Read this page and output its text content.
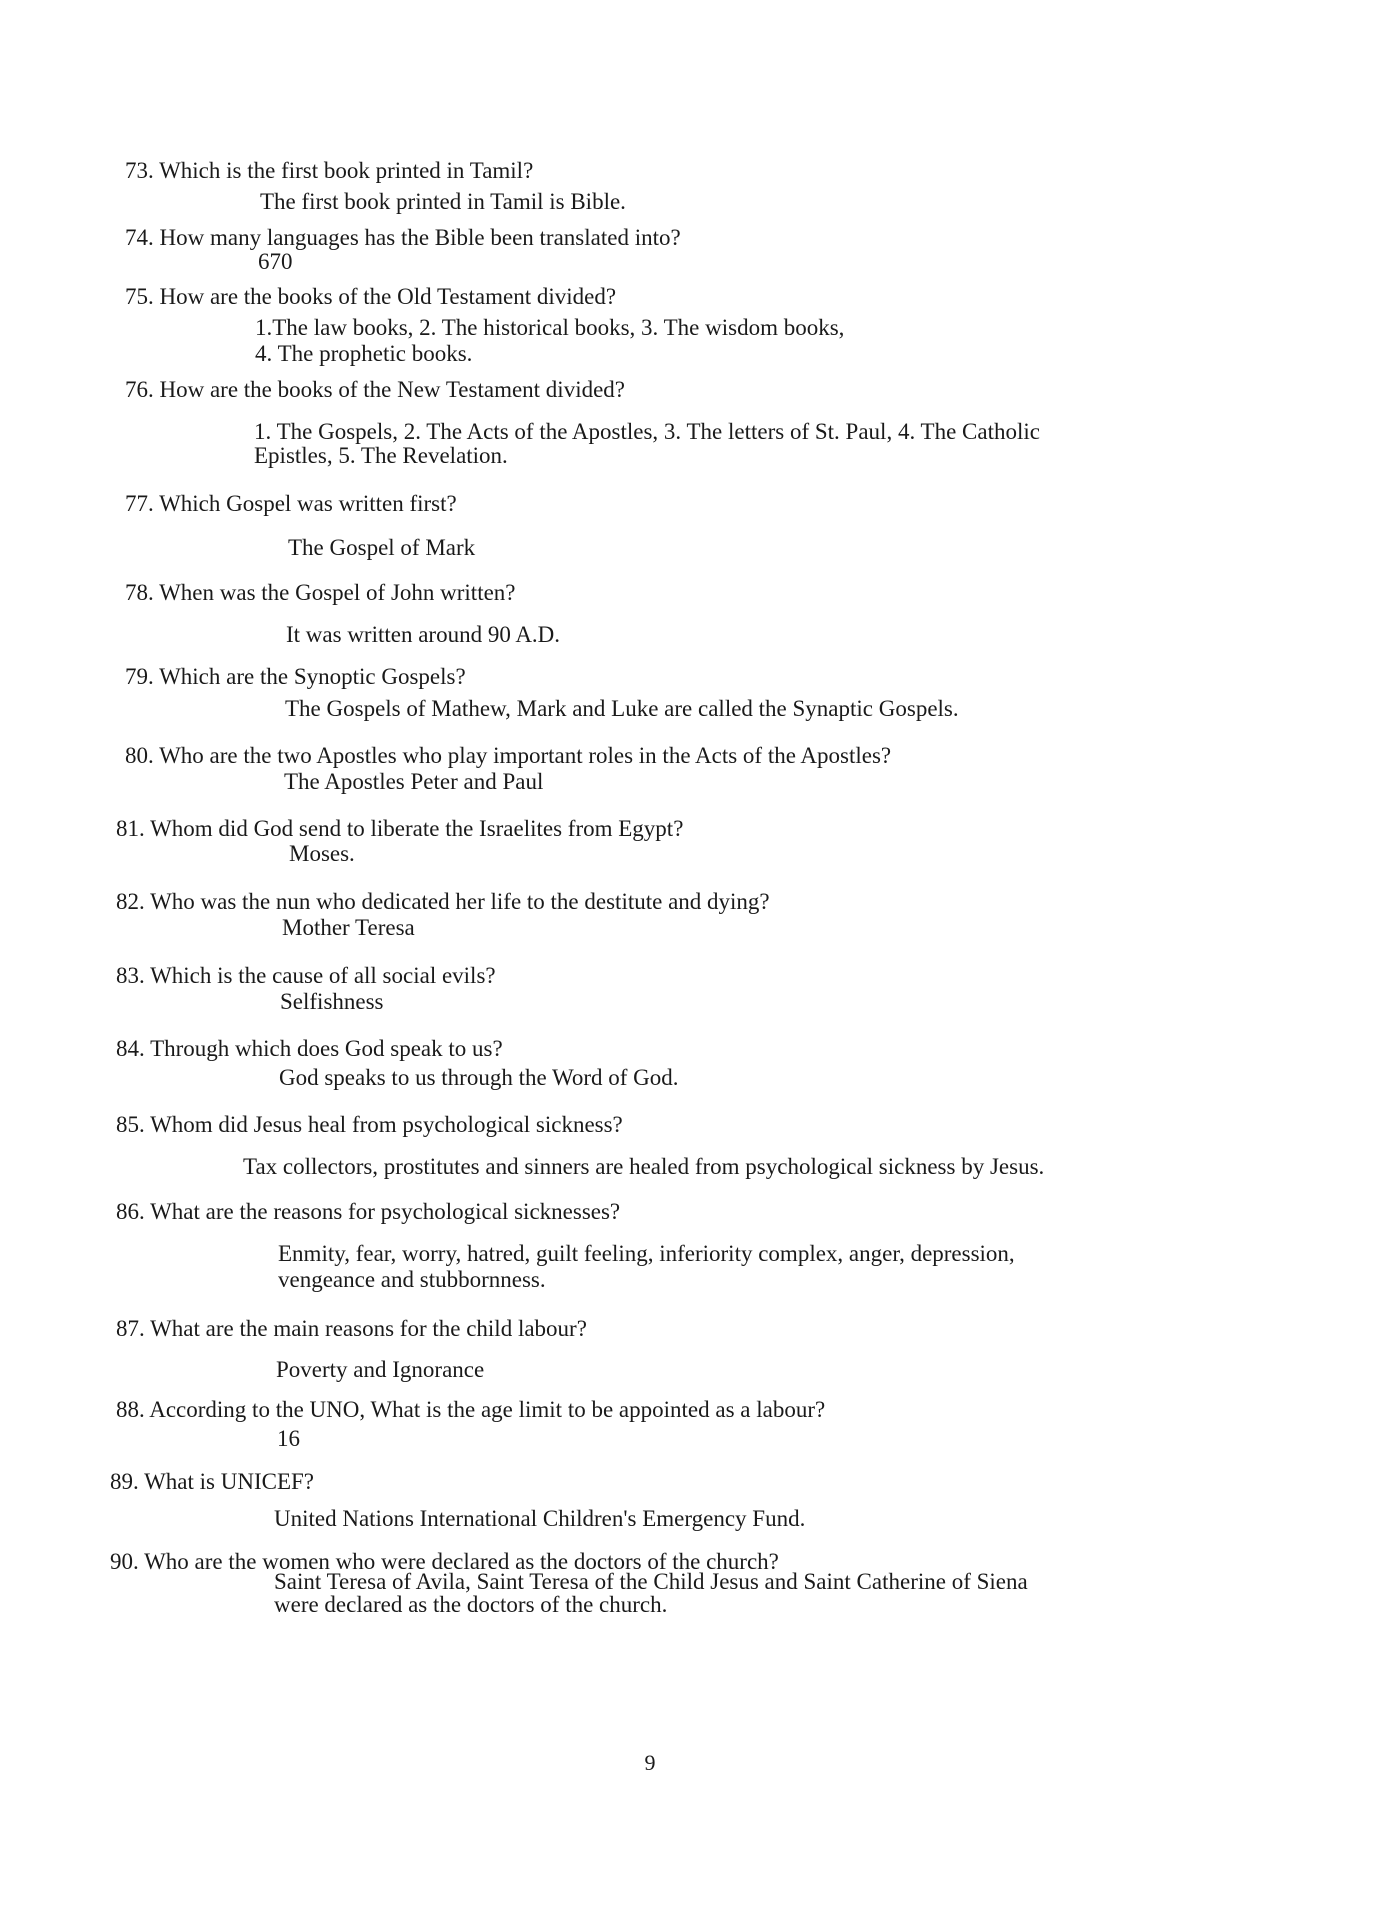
73. Which is the first book printed in Tamil?
The first book printed in Tamil is Bible.
74. How many languages has the Bible been translated into?
670
75. How are the books of the Old Testament divided?
1.The law books, 2. The historical books, 3. The wisdom books,
4. The prophetic books.
76. How are the books of the New Testament divided?
1. The Gospels, 2. The Acts of the Apostles, 3. The letters of St. Paul, 4. The Catholic
Epistles, 5. The Revelation.
77. Which Gospel was written first?
The Gospel of Mark
78. When was the Gospel of John written?
It was written around 90 A.D.
79. Which are the Synoptic Gospels?
The Gospels of Mathew, Mark and Luke are called the Synaptic Gospels.
80. Who are the two Apostles who play important roles in the Acts of the Apostles?
The Apostles Peter and Paul
81. Whom did God send to liberate the Israelites from Egypt?
Moses.
82. Who was the nun who dedicated her life to the destitute and dying?
Mother Teresa
83. Which is the cause of all social evils?
Selfishness
84. Through which does God speak to us?
God speaks to us through the Word of God.
85. Whom did Jesus heal from psychological sickness?
Tax collectors, prostitutes and sinners are healed from psychological sickness by Jesus.
86. What are the reasons for psychological sicknesses?
Enmity, fear, worry, hatred, guilt feeling, inferiority complex, anger, depression,
vengeance and stubbornness.
87. What are the main reasons for the child labour?
Poverty and Ignorance
88. According to the UNO, What is the age limit to be appointed as a labour?
16
89. What is UNICEF?
United Nations International Children's Emergency Fund.
90. Who are the women who were declared as the doctors of the church?
Saint Teresa of Avila, Saint Teresa of the Child Jesus and Saint Catherine of Siena
were declared as the doctors of the church.
9
